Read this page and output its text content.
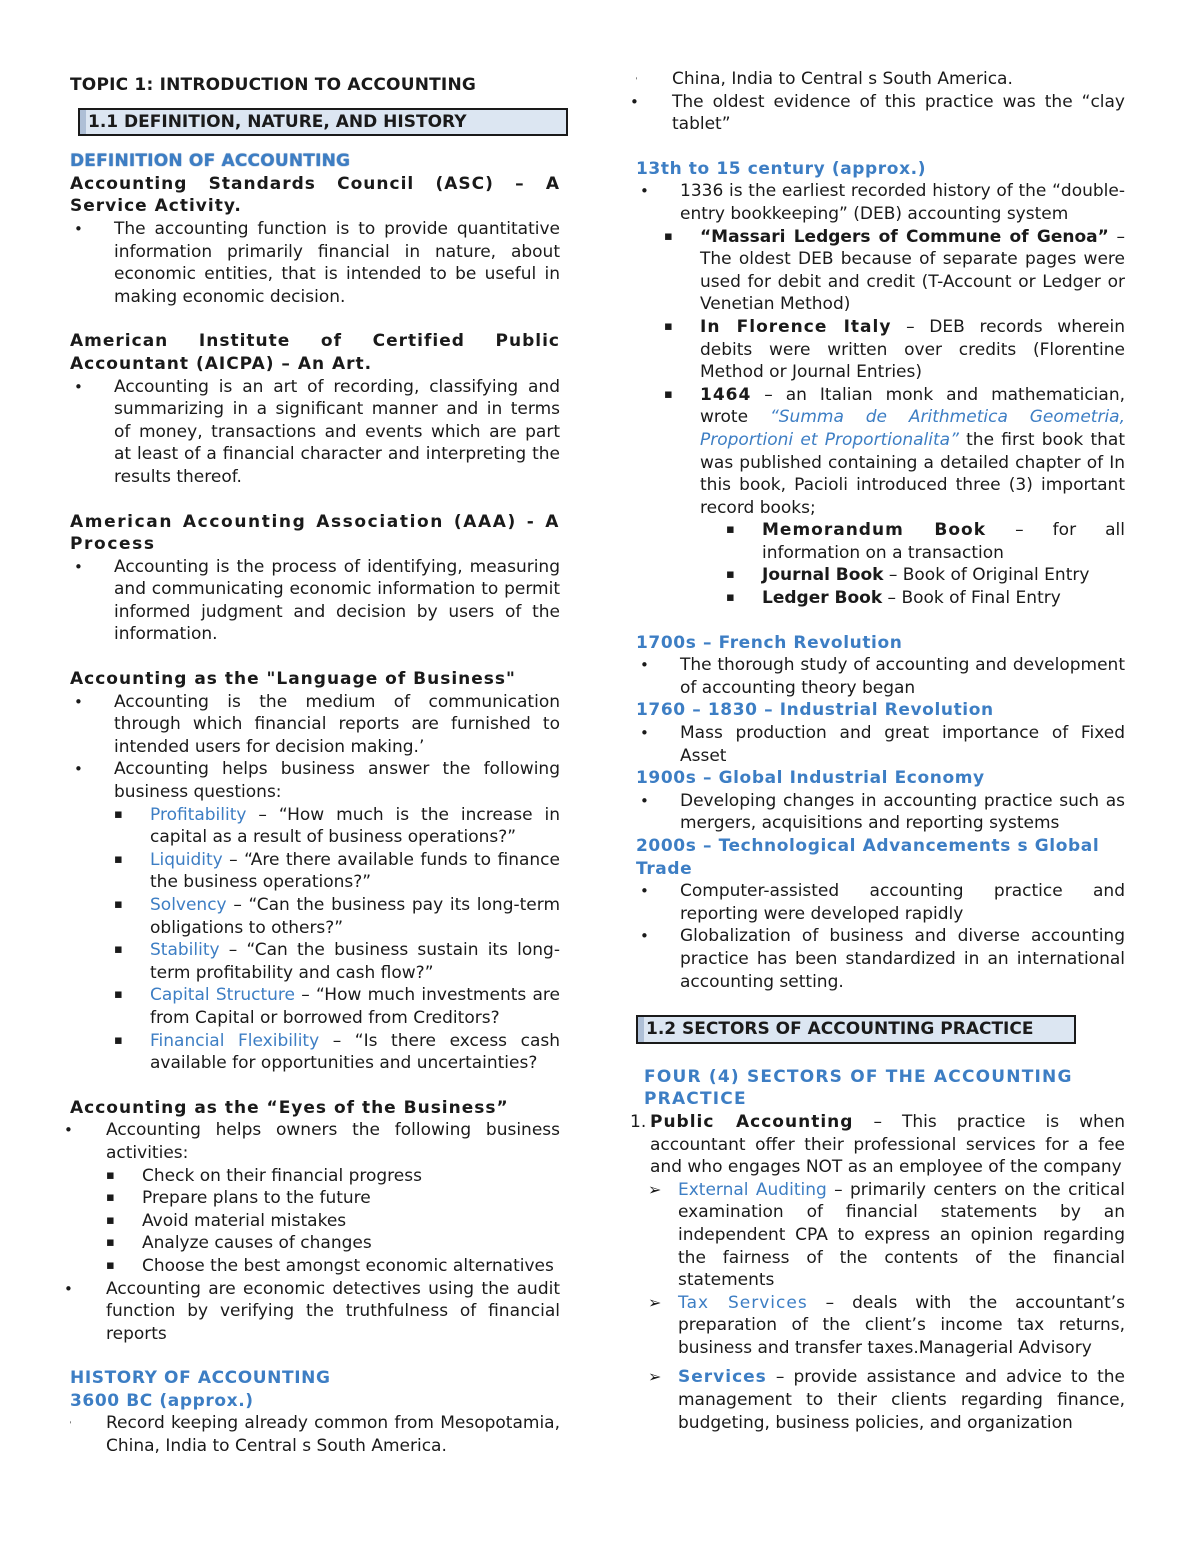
TOPIC 1: INTRODUCTION TO ACCOUNTING
1.1 DEFINITION, NATURE, AND HISTORY
DEFINITION OF ACCOUNTING
Accounting Standards Council (ASC) – A Service Activity.
• The accounting function is to provide quantitative information primarily financial in nature, about economic entities, that is intended to be useful in making economic decision.
American Institute of Certified Public Accountant (AICPA) – An Art.
• Accounting is an art of recording, classifying and summarizing in a significant manner and in terms of money, transactions and events which are part at least of a financial character and interpreting the results thereof.
American Accounting Association (AAA) - A Process
• Accounting is the process of identifying, measuring and communicating economic information to permit informed judgment and decision by users of the information.
Accounting as the "Language of Business"
• Accounting is the medium of communication through which financial reports are furnished to intended users for decision making.’
• Accounting helps business answer the following business questions:
▪ Profitability – “How much is the increase in capital as a result of business operations?”
▪ Liquidity – “Are there available funds to finance the business operations?”
▪ Solvency – “Can the business pay its long-term obligations to others?”
▪ Stability – “Can the business sustain its long-term profitability and cash flow?”
▪ Capital Structure – “How much investments are from Capital or borrowed from Creditors?
▪ Financial Flexibility – “Is there excess cash available for opportunities and uncertainties?
Accounting as the “Eyes of the Business”
• Accounting helps owners the following business activities:
▪ Check on their financial progress
▪ Prepare plans to the future
▪ Avoid material mistakes
▪ Analyze causes of changes
▪ Choose the best amongst economic alternatives
• Accounting are economic detectives using the audit function by verifying the truthfulness of financial reports
HISTORY OF ACCOUNTING
3600 BC (approx.)
• Record keeping already common from Mesopotamia, China, India to Central s South America.
• China, India to Central s South America.
• The oldest evidence of this practice was the “clay tablet”
13th to 15 century (approx.)
• 1336 is the earliest recorded history of the “double- entry bookkeeping” (DEB) accounting system
▪ “Massari Ledgers of Commune of Genoa” – The oldest DEB because of separate pages were used for debit and credit (T-Account or Ledger or Venetian Method)
▪ In Florence Italy – DEB records wherein debits were written over credits (Florentine Method or Journal Entries)
▪ 1464 – an Italian monk and mathematician, wrote “Summa de Arithmetica Geometria, Proportioni et Proportionalita” the first book that was published containing a detailed chapter of In this book, Pacioli introduced three (3) important record books;
▪ Memorandum Book – for all information on a transaction
▪ Journal Book – Book of Original Entry
▪ Ledger Book – Book of Final Entry
1700s – French Revolution
• The thorough study of accounting and development of accounting theory began
1760 – 1830 – Industrial Revolution
• Mass production and great importance of Fixed Asset
1900s – Global Industrial Economy
• Developing changes in accounting practice such as mergers, acquisitions and reporting systems
2000s – Technological Advancements s Global Trade
• Computer-assisted accounting practice and reporting were developed rapidly
• Globalization of business and diverse accounting practice has been standardized in an international accounting setting.
1.2 SECTORS OF ACCOUNTING PRACTICE
FOUR (4) SECTORS OF THE ACCOUNTING PRACTICE
1. Public Accounting – This practice is when accountant offer their professional services for a fee and who engages NOT as an employee of the company
➢ External Auditing – primarily centers on the critical examination of financial statements by an independent CPA to express an opinion regarding the fairness of the contents of the financial statements
➢ Tax Services – deals with the accountant’s preparation of the client’s income tax returns, business and transfer taxes.Managerial Advisory
➢ Services – provide assistance and advice to the management to their clients regarding finance, budgeting, business policies, and organization
